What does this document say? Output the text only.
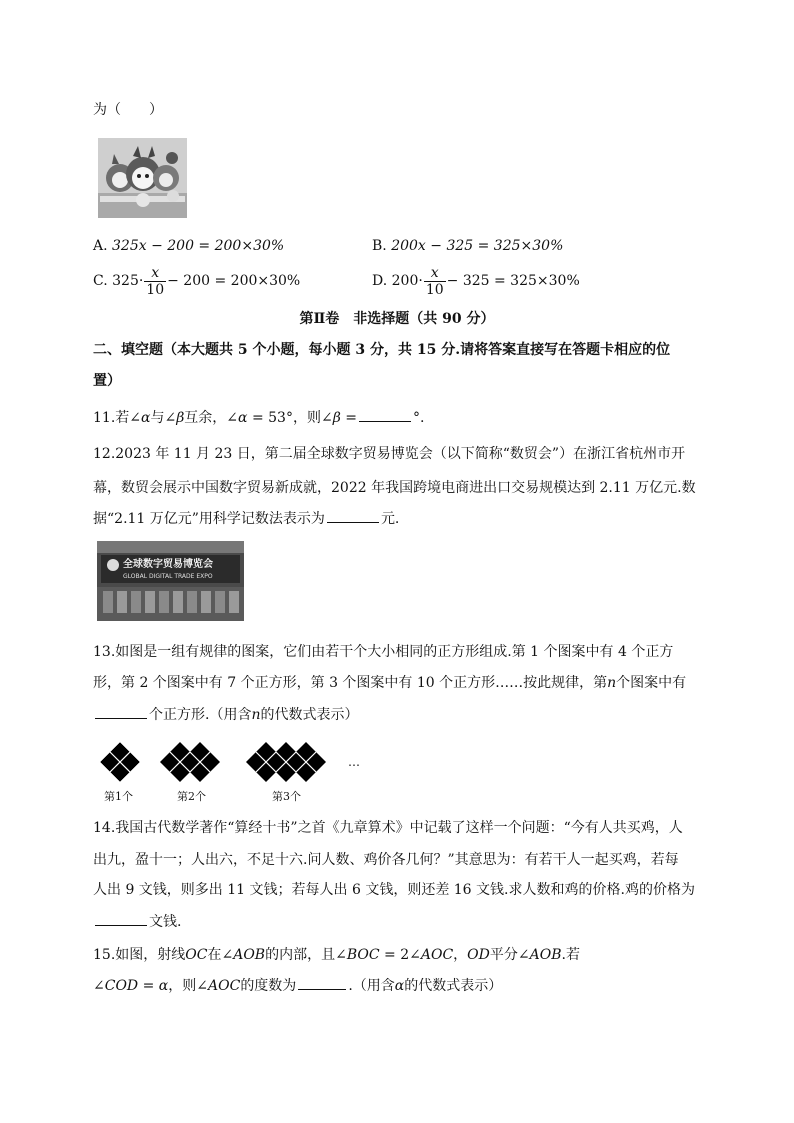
为（　　）
A. 325x − 200 = 200×30%	B. 200x − 325 = 325×30%
C. $325\cdot \frac{x}{10} - 200 = 200\times 30\%$	D. $200\cdot \frac{x}{10} - 325 = 325\times 30\%$
第Ⅱ卷　非选择题（共 90 分）
二、填空题（本大题共 5 个小题，每小题 3 分，共 15 分.请将答案直接写在答题卡相应的位
置）
11.若∠α与∠β互余，∠α = 53°，则∠β =	°.
12.2023 年 11 月 23 日，第二届全球数字贸易博览会（以下简称“数贸会”）在浙江省杭州市开
幕，数贸会展示中国数字贸易新成就，2022 年我国跨境电商进出口交易规模达到 2.11 万亿元.数
据“2.11 万亿元”用科学记数法表示为	元.
全球数字贸易博览会
GLOBAL DIGITAL TRADE EXPO
13.如图是一组有规律的图案，它们由若干个大小相同的正方形组成.第 1 个图案中有 4 个正方
形，第 2 个图案中有 7 个正方形，第 3 个图案中有 10 个正方形……按此规律，第n个图案中有
个正方形.（用含n的代数式表示）
…
第1个	第2个	第3个
14.我国古代数学著作“算经十书”之首《九章算术》中记载了这样一个问题：“今有人共买鸡，人
出九，盈十一；人出六，不足十六.问人数、鸡价各几何？”其意思为：有若干人一起买鸡，若每
人出 9 文钱，则多出 11 文钱；若每人出 6 文钱，则还差 16 文钱.求人数和鸡的价格.鸡的价格为
文钱.
15.如图，射线OC在∠AOB的内部，且∠BOC = 2∠AOC，OD平分∠AOB.若
∠COD = α，则∠AOC的度数为	.（用含α的代数式表示）
